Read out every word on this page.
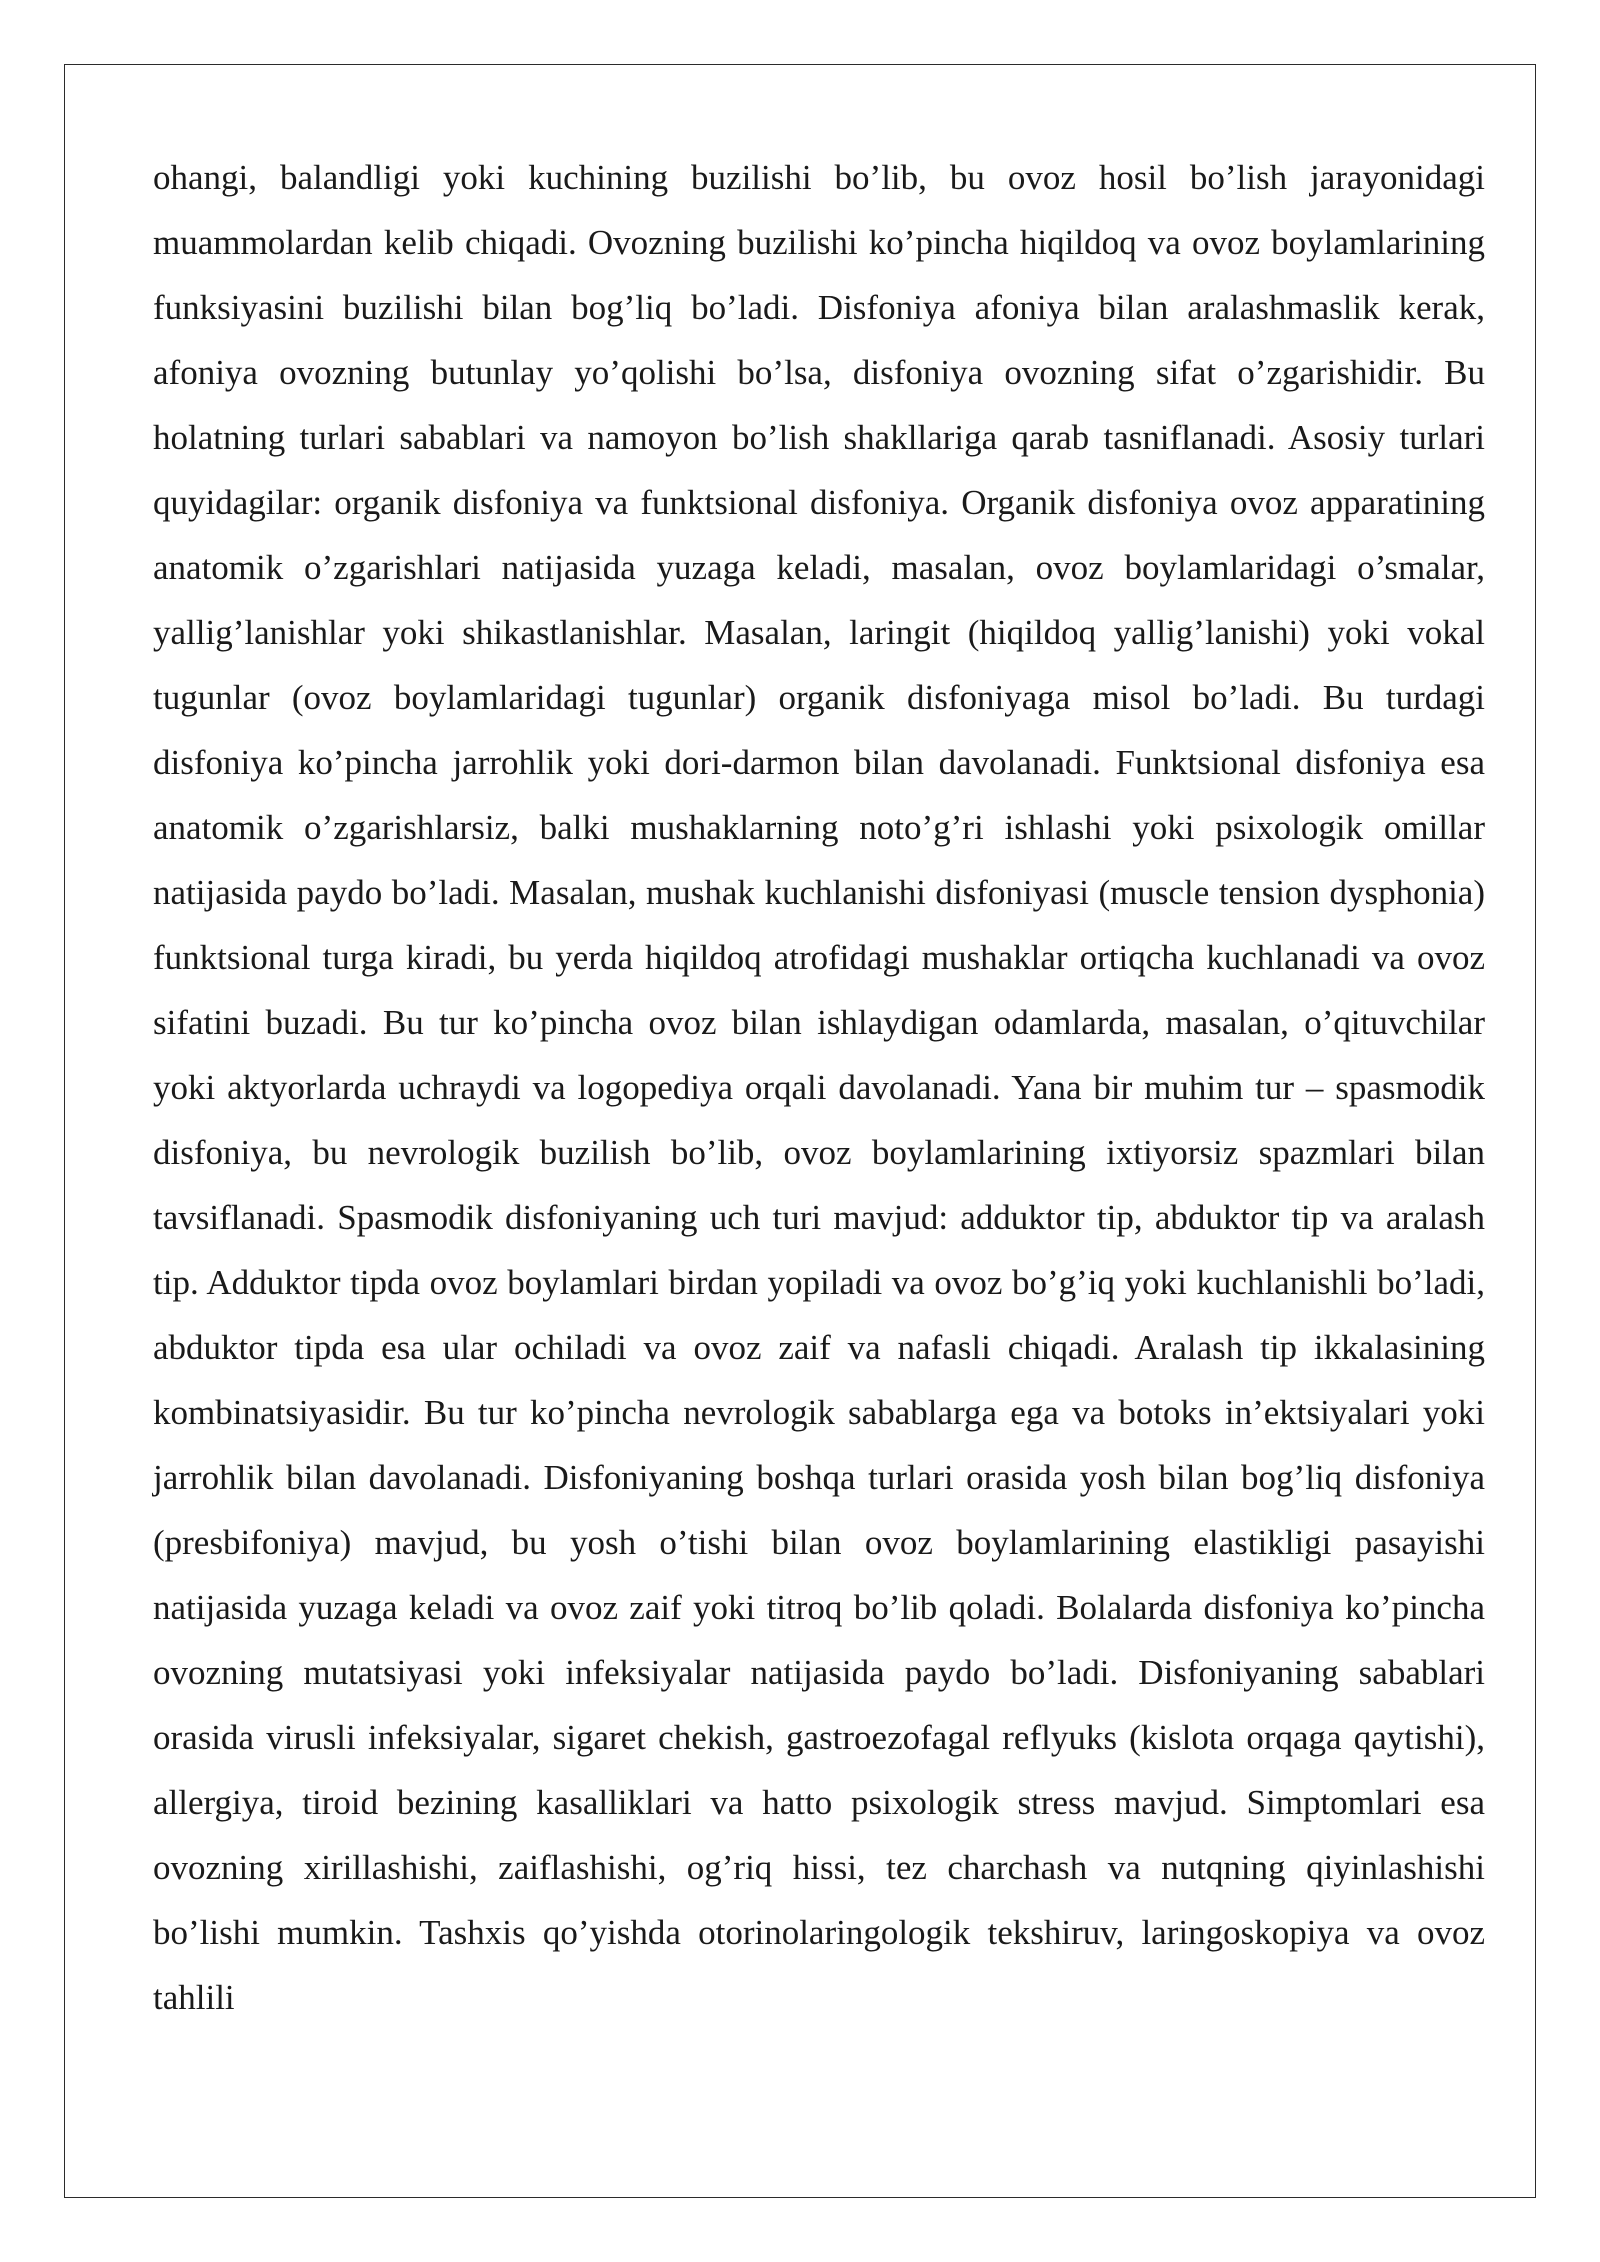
ohangi, balandligi yoki kuchining buzilishi bo’lib, bu ovoz hosil bo’lish jarayonidagi muammolardan kelib chiqadi. Ovozning buzilishi ko’pincha hiqildoq va ovoz boylamlarining funksiyasini buzilishi bilan bog’liq bo’ladi. Disfoniya afoniya bilan aralashmaslik kerak, afoniya ovozning butunlay yo’qolishi bo’lsa, disfoniya ovozning sifat o’zgarishidir. Bu holatning turlari sabablari va namoyon bo’lish shakllariga qarab tasniflanadi. Asosiy turlari quyidagilar: organik disfoniya va funktsional disfoniya. Organik disfoniya ovoz apparatining anatomik o’zgarishlari natijasida yuzaga keladi, masalan, ovoz boylamlaridagi o’smalar, yallig’lanishlar yoki shikastlanishlar. Masalan, laringit (hiqildoq yallig’lanishi) yoki vokal tugunlar (ovoz boylamlaridagi tugunlar) organik disfoniyaga misol bo’ladi. Bu turdagi disfoniya ko’pincha jarrohlik yoki dori-darmon bilan davolanadi. Funktsional disfoniya esa anatomik o’zgarishlarsiz, balki mushaklarning noto’g’ri ishlashi yoki psixologik omillar natijasida paydo bo’ladi. Masalan, mushak kuchlanishi disfoniyasi (muscle tension dysphonia) funktsional turga kiradi, bu yerda hiqildoq atrofidagi mushaklar ortiqcha kuchlanadi va ovoz sifatini buzadi. Bu tur ko’pincha ovoz bilan ishlaydigan odamlarda, masalan, o’qituvchilar yoki aktyorlarda uchraydi va logopediya orqali davolanadi. Yana bir muhim tur – spasmodik disfoniya, bu nevrologik buzilish bo’lib, ovoz boylamlarining ixtiyorsiz spazmlari bilan tavsiflanadi. Spasmodik disfoniyaning uch turi mavjud: adduktor tip, abduktor tip va aralash tip. Adduktor tipda ovoz boylamlari birdan yopiladi va ovoz bo’g’iq yoki kuchlanishli bo’ladi, abduktor tipda esa ular ochiladi va ovoz zaif va nafasli chiqadi. Aralash tip ikkalasining kombinatsiyasidir. Bu tur ko’pincha nevrologik sabablarga ega va botoks in’ektsiyalari yoki jarrohlik bilan davolanadi. Disfoniyaning boshqa turlari orasida yosh bilan bog’liq disfoniya (presbifoniya) mavjud, bu yosh o’tishi bilan ovoz boylamlarining elastikligi pasayishi natijasida yuzaga keladi va ovoz zaif yoki titroq bo’lib qoladi. Bolalarda disfoniya ko’pincha ovozning mutatsiyasi yoki infeksiyalar natijasida paydo bo’ladi. Disfoniyaning sabablari orasida virusli infeksiyalar, sigaret chekish, gastroezofagal reflyuks (kislota orqaga qaytishi), allergiya, tiroid bezining kasalliklari va hatto psixologik stress mavjud. Simptomlari esa ovozning xirillashishi, zaiflashishi, og’riq hissi, tez charchash va nutqning qiyinlashishi bo’lishi mumkin. Tashxis qo’yishda otorinolaringologik tekshiruv, laringoskopiya va ovoz tahlili
